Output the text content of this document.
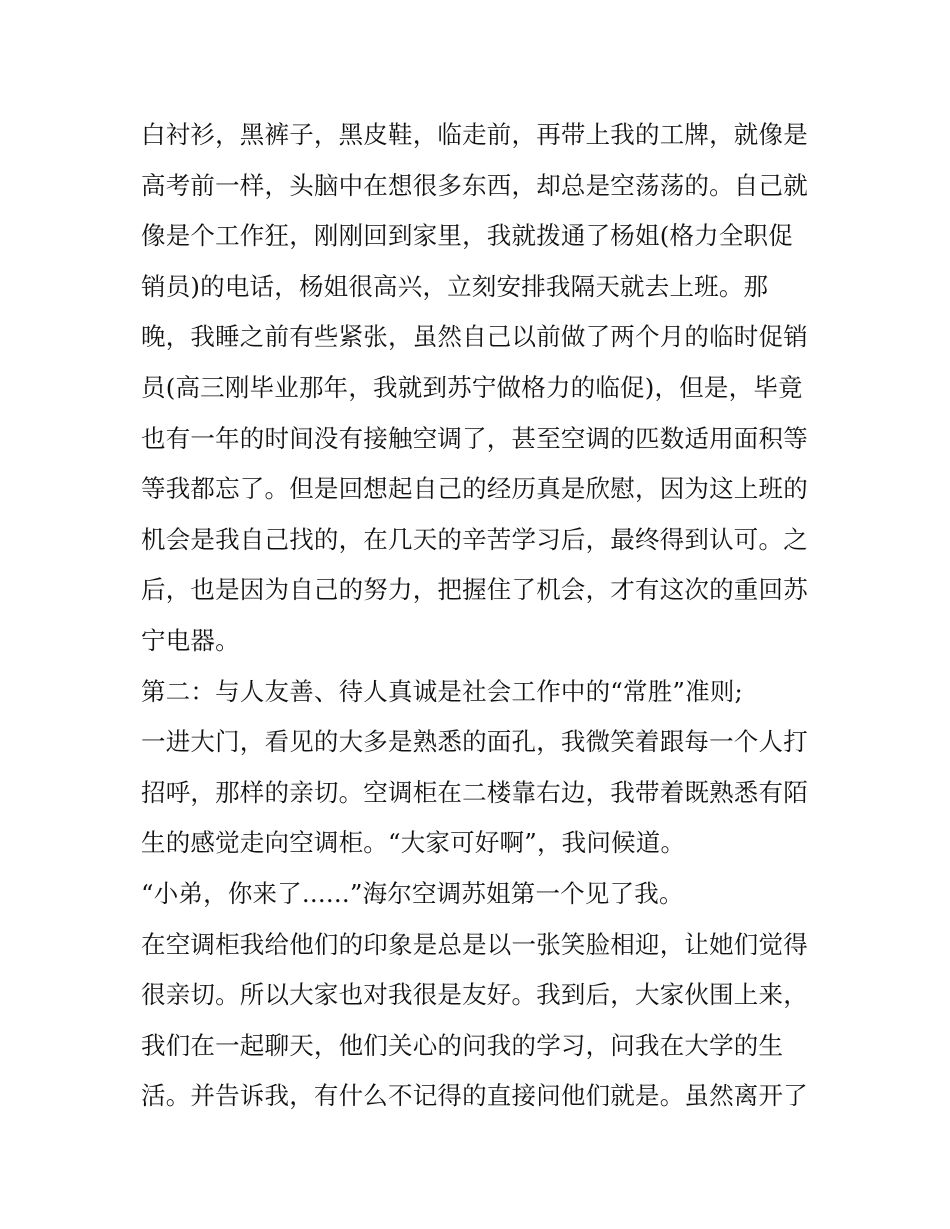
白衬衫，黑裤子，黑皮鞋，临走前，再带上我的工牌，就像是
高考前一样，头脑中在想很多东西，却总是空荡荡的。自己就
像是个工作狂，刚刚回到家里，我就拨通了杨姐(格力全职促
销员)的电话，杨姐很高兴，立刻安排我隔天就去上班。那
晚，我睡之前有些紧张，虽然自己以前做了两个月的临时促销
员(高三刚毕业那年，我就到苏宁做格力的临促)，但是，毕竟
也有一年的时间没有接触空调了，甚至空调的匹数适用面积等
等我都忘了。但是回想起自己的经历真是欣慰，因为这上班的
机会是我自己找的，在几天的辛苦学习后，最终得到认可。之
后，也是因为自己的努力，把握住了机会，才有这次的重回苏
宁电器。
第二：与人友善、待人真诚是社会工作中的“常胜”准则;
一进大门，看见的大多是熟悉的面孔，我微笑着跟每一个人打
招呼，那样的亲切。空调柜在二楼靠右边，我带着既熟悉有陌
生的感觉走向空调柜。“大家可好啊”，我问候道。
“小弟，你来了......”海尔空调苏姐第一个见了我。
在空调柜我给他们的印象是总是以一张笑脸相迎，让她们觉得
很亲切。所以大家也对我很是友好。我到后，大家伙围上来，
我们在一起聊天，他们关心的问我的学习，问我在大学的生
活。并告诉我，有什么不记得的直接问他们就是。虽然离开了
